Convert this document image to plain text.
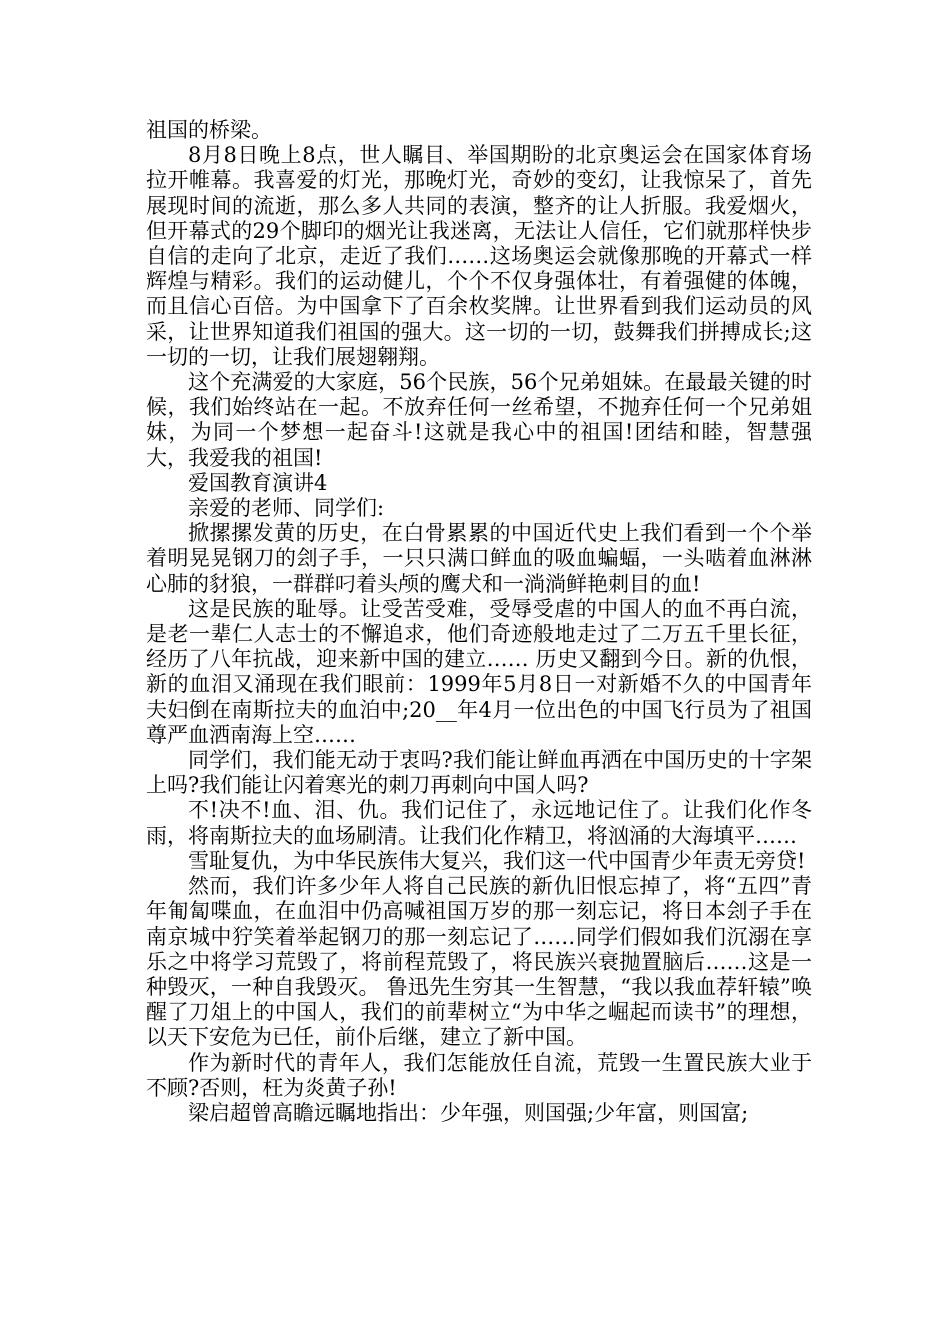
祖国的桥梁。

8月8日晚上8点，世人瞩目、举国期盼的北京奥运会在国家体育场拉开帷幕。我喜爱的灯光，那晚灯光，奇妙的变幻，让我惊呆了，首先展现时间的流逝，那么多人共同的表演，整齐的让人折服。我爱烟火，但开幕式的29个脚印的烟光让我迷离，无法让人信任，它们就那样快步自信的走向了北京，走近了我们……这场奥运会就像那晚的开幕式一样辉煌与精彩。我们的运动健儿，个个不仅身强体壮，有着强健的体魄，而且信心百倍。为中国拿下了百余枚奖牌。让世界看到我们运动员的风采，让世界知道我们祖国的强大。这一切的一切，鼓舞我们拼搏成长;这一切的一切，让我们展翅翱翔。

这个充满爱的大家庭，56个民族，56个兄弟姐妹。在最最关键的时候，我们始终站在一起。不放弃任何一丝希望，不抛弃任何一个兄弟姐妹，为同一个梦想一起奋斗!这就是我心中的祖国!团结和睦，智慧强大，我爱我的祖国!

爱国教育演讲4

亲爱的老师、同学们:

掀摞摞发黄的历史，在白骨累累的中国近代史上我们看到一个个举着明晃晃钢刀的刽子手，一只只满口鲜血的吸血蝙蝠，一头啮着血淋淋心肺的豺狼，一群群叼着头颅的鹰犬和一淌淌鲜艳刺目的血!

这是民族的耻辱。让受苦受难，受辱受虐的中国人的血不再白流，是老一辈仁人志士的不懈追求，他们奇迹般地走过了二万五千里长征，经历了八年抗战，迎来新中国的建立…… 历史又翻到今日。新的仇恨，新的血泪又涌现在我们眼前：1999年5月8日一对新婚不久的中国青年夫妇倒在南斯拉夫的血泊中;20__年4月一位出色的中国飞行员为了祖国尊严血洒南海上空……

同学们，我们能无动于衷吗?我们能让鲜血再洒在中国历史的十字架上吗?我们能让闪着寒光的刺刀再刺向中国人吗?

不!决不!血、泪、仇。我们记住了，永远地记住了。让我们化作冬雨，将南斯拉夫的血场刷清。让我们化作精卫，将汹涌的大海填平……

雪耻复仇，为中华民族伟大复兴，我们这一代中国青少年责无旁贷!

然而，我们许多少年人将自己民族的新仇旧恨忘掉了，将“五四”青年匍匐喋血，在血泪中仍高喊祖国万岁的那一刻忘记，将日本刽子手在南京城中狞笑着举起钢刀的那一刻忘记了……同学们假如我们沉溺在享乐之中将学习荒毁了，将前程荒毁了，将民族兴衰抛置脑后……这是一种毁灭，一种自我毁灭。 鲁迅先生穷其一生智慧，“我以我血荐轩辕”唤醒了刀俎上的中国人，我们的前辈树立“为中华之崛起而读书”的理想，以天下安危为已任，前仆后继，建立了新中国。

作为新时代的青年人，我们怎能放任自流，荒毁一生置民族大业于不顾?否则，枉为炎黄子孙!

梁启超曾高瞻远瞩地指出：少年强，则国强;少年富，则国富;
